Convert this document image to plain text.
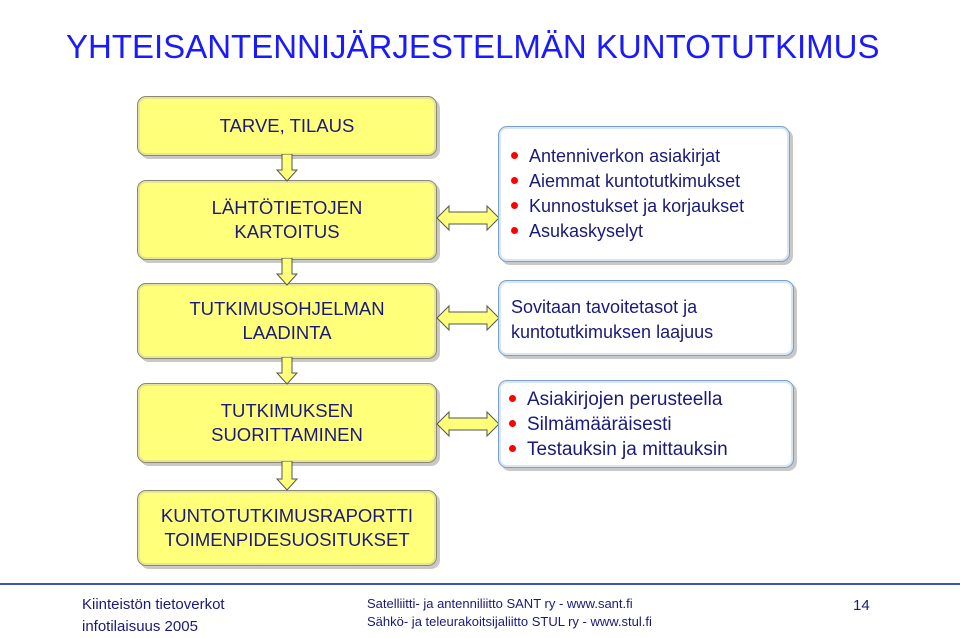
YHTEISANTENNIJÄRJESTELMÄN KUNTOTUTKIMUS
TARVE, TILAUS
LÄHTÖTIETOJEN
KARTOITUS
TUTKIMUSOHJELMAN
LAADINTA
TUTKIMUKSEN
SUORITTAMINEN
KUNTOTUTKIMUSRAPORTTI
TOIMENPIDESUOSITUKSET
Antenniverkon asiakirjat
Aiemmat kuntotutkimukset
Kunnostukset ja korjaukset
Asukaskyselyt
Sovitaan tavoitetasot ja
kuntotutkimuksen laajuus
Asiakirjojen perusteella
Silmämääräisesti
Testauksin ja mittauksin
Kiinteistön tietoverkot
infotilaisuus 2005
Satelliitti- ja antenniliitto SANT ry - www.sant.fi
Sähkö- ja teleurakoitsijaliitto STUL ry - www.stul.fi
14
